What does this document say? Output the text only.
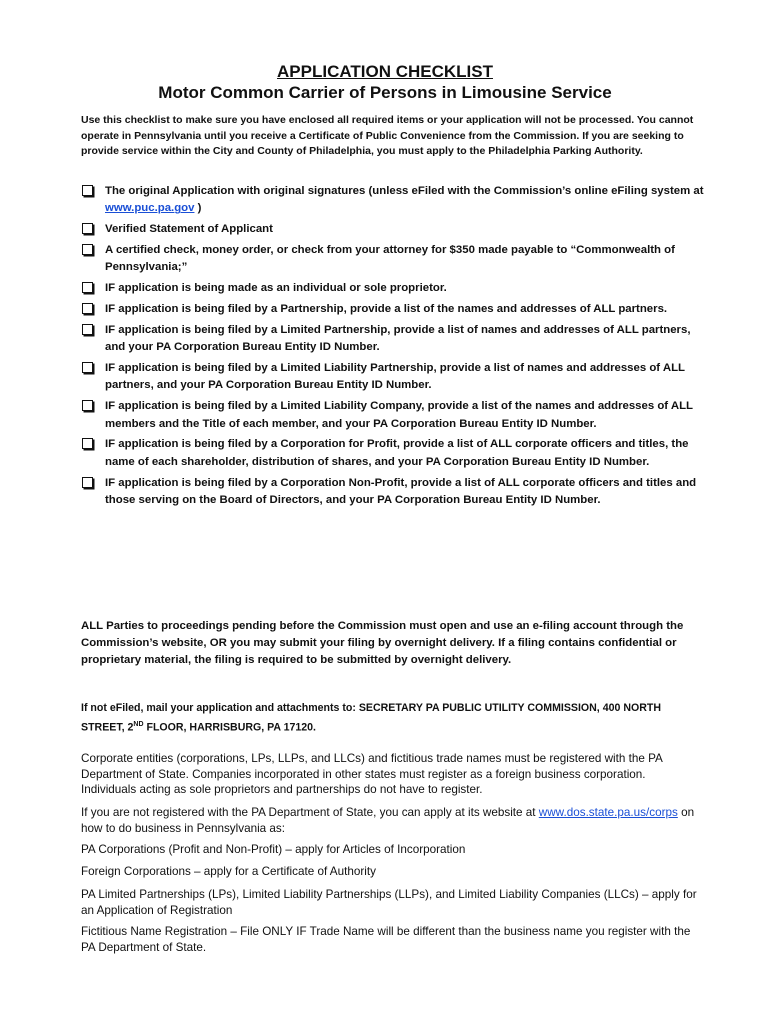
APPLICATION CHECKLIST
Motor Common Carrier of Persons in Limousine Service
Use this checklist to make sure you have enclosed all required items or your application will not be processed. You cannot operate in Pennsylvania until you receive a Certificate of Public Convenience from the Commission. If you are seeking to provide service within the City and County of Philadelphia, you must apply to the Philadelphia Parking Authority.
The original Application with original signatures (unless eFiled with the Commission’s online eFiling system at www.puc.pa.gov )
Verified Statement of Applicant
A certified check, money order, or check from your attorney for $350 made payable to “Commonwealth of Pennsylvania;”
IF application is being made as an individual or sole proprietor.
IF application is being filed by a Partnership, provide a list of the names and addresses of ALL partners.
IF application is being filed by a Limited Partnership, provide a list of names and addresses of ALL partners, and your PA Corporation Bureau Entity ID Number.
IF application is being filed by a Limited Liability Partnership, provide a list of names and addresses of ALL partners, and your PA Corporation Bureau Entity ID Number.
IF application is being filed by a Limited Liability Company, provide a list of the names and addresses of ALL members and the Title of each member, and your PA Corporation Bureau Entity ID Number.
IF application is being filed by a Corporation for Profit, provide a list of ALL corporate officers and titles, the name of each shareholder, distribution of shares, and your PA Corporation Bureau Entity ID Number.
IF application is being filed by a Corporation Non-Profit, provide a list of ALL corporate officers and titles and those serving on the Board of Directors, and your PA Corporation Bureau Entity ID Number.
ALL Parties to proceedings pending before the Commission must open and use an e-filing account through the Commission’s website, OR you may submit your filing by overnight delivery. If a filing contains confidential or proprietary material, the filing is required to be submitted by overnight delivery.
If not eFiled, mail your application and attachments to: SECRETARY PA PUBLIC UTILITY COMMISSION, 400 NORTH STREET, 2ND FLOOR, HARRISBURG, PA 17120.
Corporate entities (corporations, LPs, LLPs, and LLCs) and fictitious trade names must be registered with the PA Department of State. Companies incorporated in other states must register as a foreign business corporation. Individuals acting as sole proprietors and partnerships do not have to register.
If you are not registered with the PA Department of State, you can apply at its website at www.dos.state.pa.us/corps on how to do business in Pennsylvania as:
PA Corporations (Profit and Non-Profit) – apply for Articles of Incorporation
Foreign Corporations – apply for a Certificate of Authority
PA Limited Partnerships (LPs), Limited Liability Partnerships (LLPs), and Limited Liability Companies (LLCs) – apply for an Application of Registration
Fictitious Name Registration – File ONLY IF Trade Name will be different than the business name you register with the PA Department of State.
